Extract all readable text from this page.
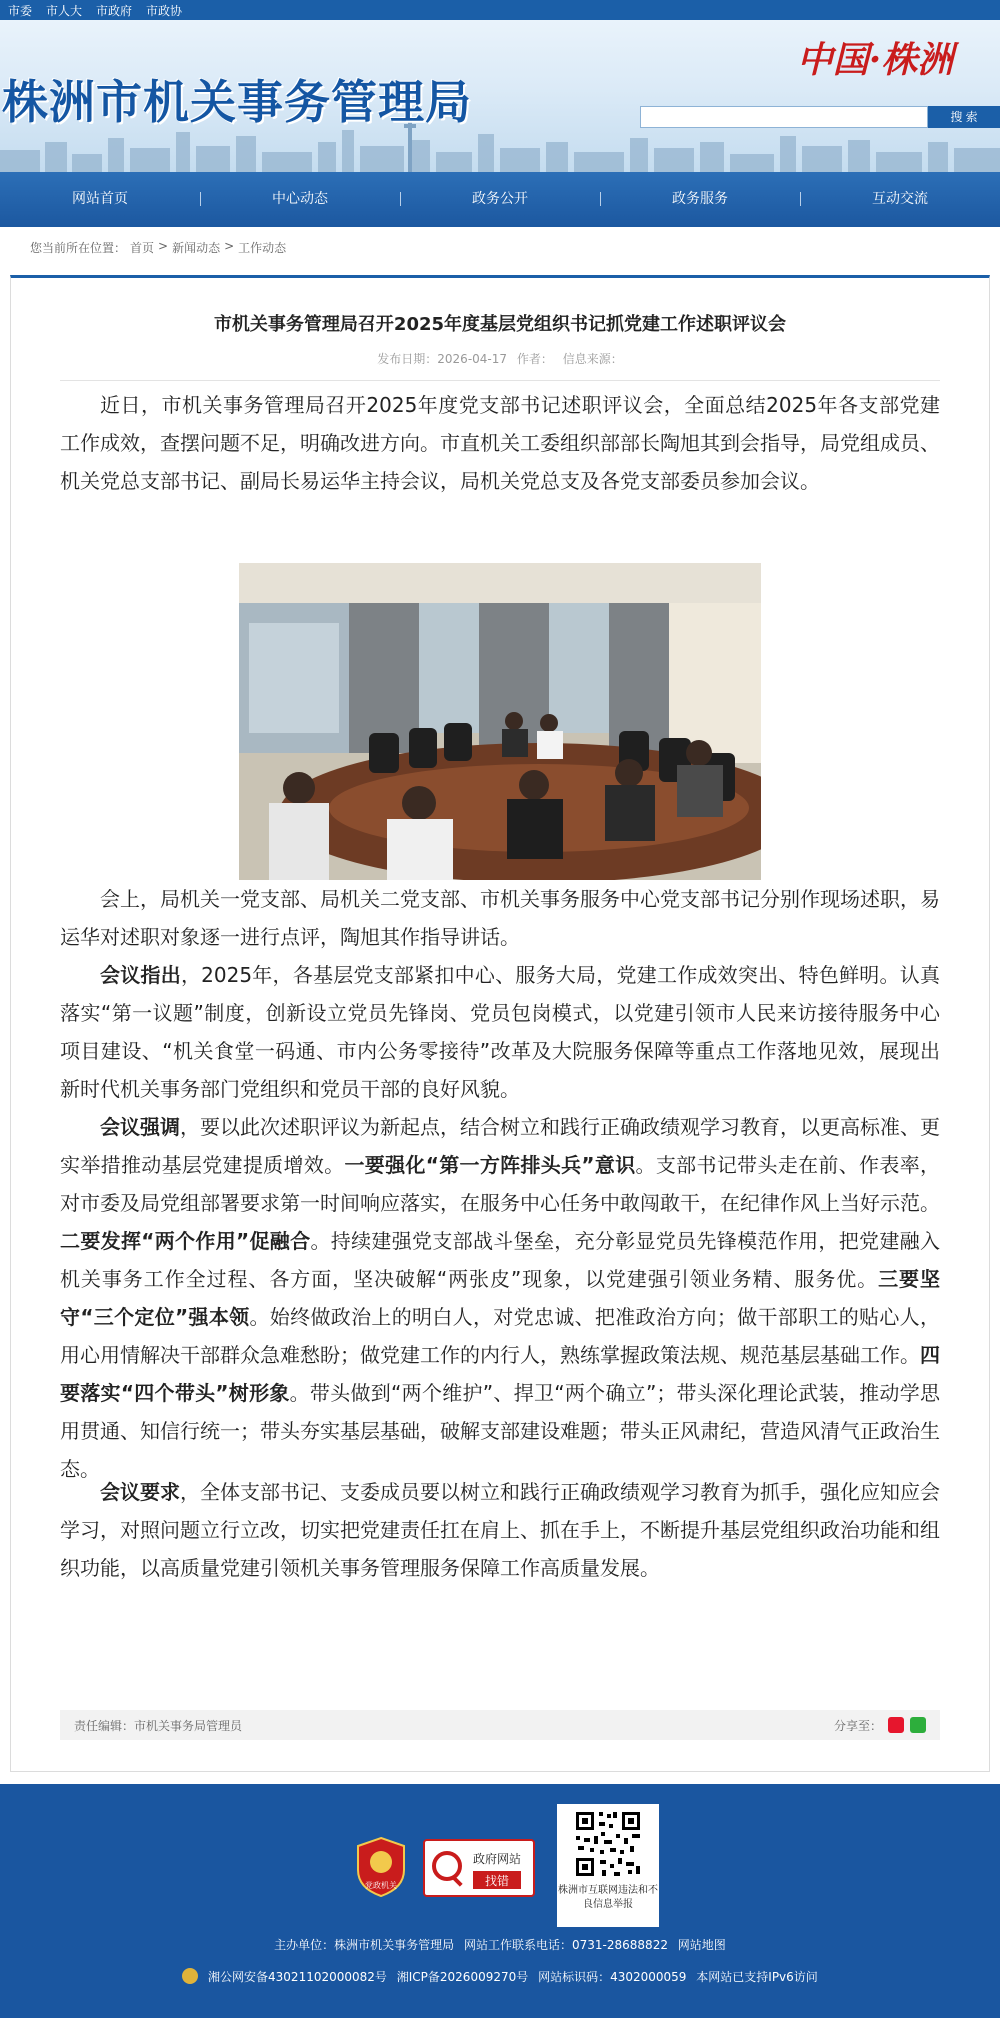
市委 市人大 市政府 市政协
株洲市机关事务管理局
中国·株洲
搜 索
网站首页	中心动态	政务公开	政务服务	互动交流
您当前所在位置： 首页 > 新闻动态 > 工作动态
市机关事务管理局召开2025年度基层党组织书记抓党建工作述职评议会
发布日期：2026-04-17 作者： 信息来源：

近日，市机关事务管理局召开2025年度党支部书记述职评议会，全面总结2025年各支部党建工作成效，查摆问题不足，明确改进方向。市直机关工委组织部部长陶旭其到会指导，局党组成员、机关党总支部书记、副局长易运华主持会议，局机关党总支及各党支部委员参加会议。

会上，局机关一党支部、局机关二党支部、市机关事务服务中心党支部书记分别作现场述职，易运华对述职对象逐一进行点评，陶旭其作指导讲话。

会议指出，2025年，各基层党支部紧扣中心、服务大局，党建工作成效突出、特色鲜明。认真落实“第一议题”制度，创新设立党员先锋岗、党员包岗模式，以党建引领市人民来访接待服务中心项目建设、“机关食堂一码通、市内公务零接待”改革及大院服务保障等重点工作落地见效，展现出新时代机关事务部门党组织和党员干部的良好风貌。

会议强调，要以此次述职评议为新起点，结合树立和践行正确政绩观学习教育，以更高标准、更实举措推动基层党建提质增效。一要强化“第一方阵排头兵”意识。支部书记带头走在前、作表率，对市委及局党组部署要求第一时间响应落实，在服务中心任务中敢闯敢干，在纪律作风上当好示范。二要发挥“两个作用”促融合。持续建强党支部战斗堡垒，充分彰显党员先锋模范作用，把党建融入机关事务工作全过程、各方面，坚决破解“两张皮”现象，以党建强引领业务精、服务优。三要坚守“三个定位”强本领。始终做政治上的明白人，对党忠诚、把准政治方向；做干部职工的贴心人，用心用情解决干部群众急难愁盼；做党建工作的内行人，熟练掌握政策法规、规范基层基础工作。四要落实“四个带头”树形象。带头做到“两个维护”、捍卫“两个确立”；带头深化理论武装，推动学思用贯通、知信行统一；带头夯实基层基础，破解支部建设难题；带头正风肃纪，营造风清气正政治生态。

会议要求，全体支部书记、支委成员要以树立和践行正确政绩观学习教育为抓手，强化应知应会学习，对照问题立行立改，切实把党建责任扛在肩上、抓在手上，不断提升基层党组织政治功能和组织功能，以高质量党建引领机关事务管理服务保障工作高质量发展。

责任编辑：市机关事务局管理员	分享至：
党政机关
政府网站
找错
株洲市互联网违法和不良信息举报
主办单位：株洲市机关事务管理局 网站工作联系电话：0731-28688822 网站地图
湘公网安备43021102000082号 湘ICP备2026009270号 网站标识码：4302000059 本网站已支持IPv6访问
